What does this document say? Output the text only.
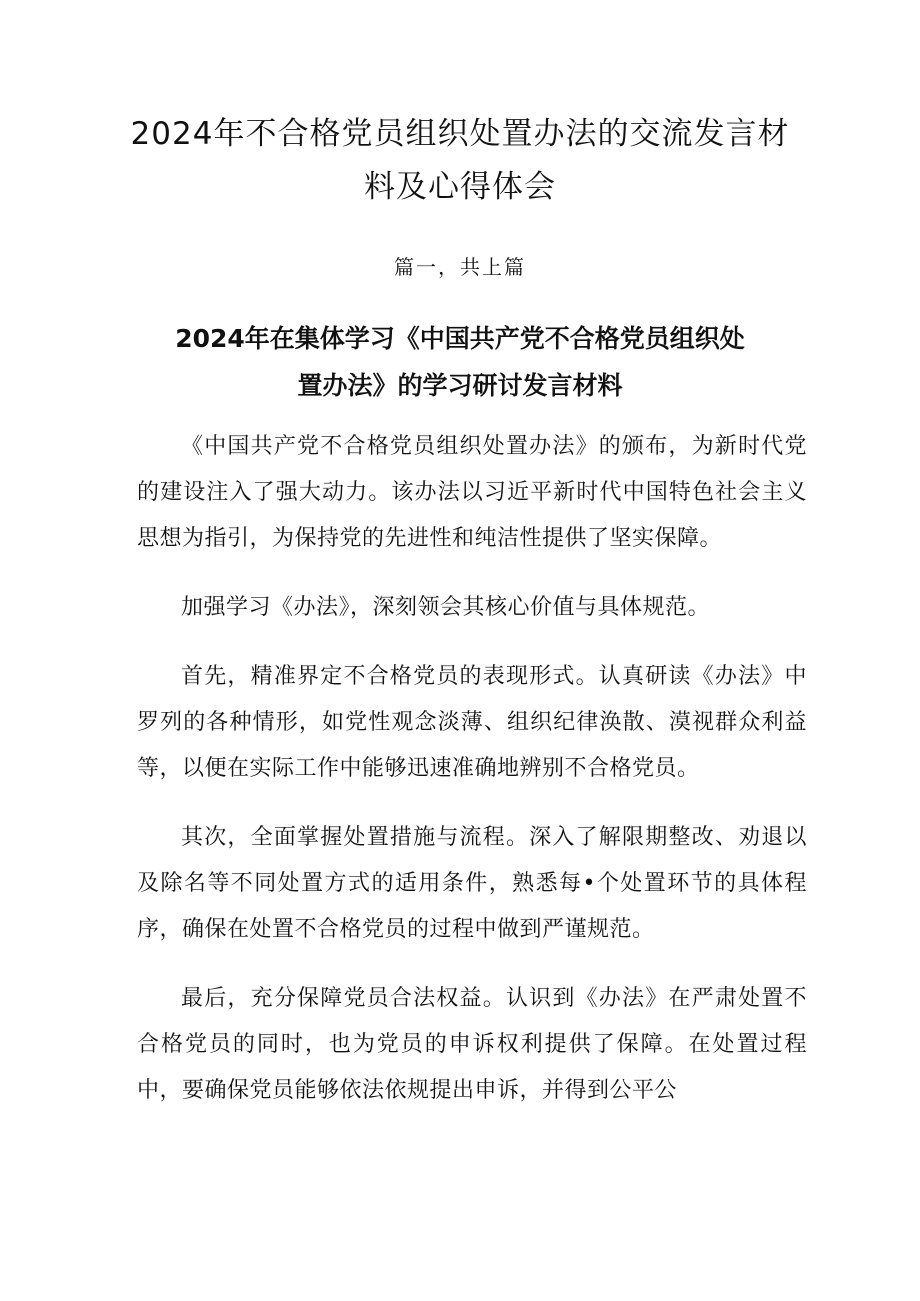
2024年不合格党员组织处置办法的交流发言材料及心得体会
篇一，共上篇
2024年在集体学习《中国共产党不合格党员组织处置办法》的学习研讨发言材料

《中国共产党不合格党员组织处置办法》的颁布，为新时代党的建设注入了强大动力。该办法以习近平新时代中国特色社会主义思想为指引，为保持党的先进性和纯洁性提供了坚实保障。

加强学习《办法》，深刻领会其核心价值与具体规范。

首先，精准界定不合格党员的表现形式。认真研读《办法》中罗列的各种情形，如党性观念淡薄、组织纪律涣散、漠视群众利益等，以便在实际工作中能够迅速准确地辨别不合格党员。

其次，全面掌握处置措施与流程。深入了解限期整改、劝退以及除名等不同处置方式的适用条件，熟悉每•个处置环节的具体程序，确保在处置不合格党员的过程中做到严谨规范。

最后，充分保障党员合法权益。认识到《办法》在严肃处置不合格党员的同时，也为党员的申诉权利提供了保障。在处置过程中，要确保党员能够依法依规提出申诉，并得到公平公
